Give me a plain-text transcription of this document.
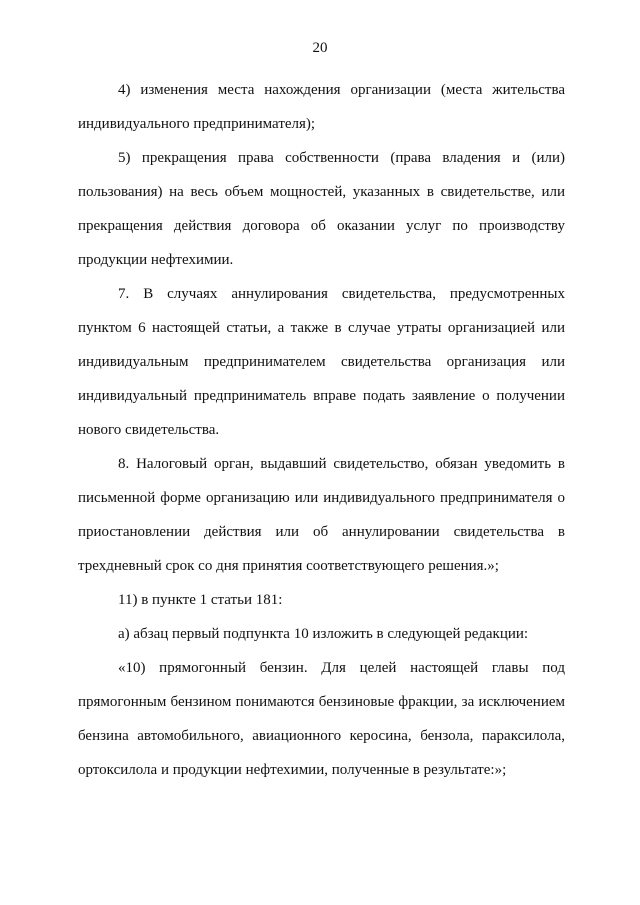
20

4) изменения места нахождения организации (места жительства индивидуального предпринимателя);

5) прекращения права собственности (права владения и (или) пользования) на весь объем мощностей, указанных в свидетельстве, или прекращения действия договора об оказании услуг по производству продукции нефтехимии.

7. В случаях аннулирования свидетельства, предусмотренных пунктом 6 настоящей статьи, а также в случае утраты организацией или индивидуальным предпринимателем свидетельства организация или индивидуальный предприниматель вправе подать заявление о получении нового свидетельства.

8. Налоговый орган, выдавший свидетельство, обязан уведомить в письменной форме организацию или индивидуального предпринимателя о приостановлении действия или об аннулировании свидетельства в трехдневный срок со дня принятия соответствующего решения.»;

11) в пункте 1 статьи 181:

а) абзац первый подпункта 10 изложить в следующей редакции:

«10) прямогонный бензин. Для целей настоящей главы под прямогонным бензином понимаются бензиновые фракции, за исключением бензина автомобильного, авиационного керосина, бензола, параксилола, ортоксилола и продукции нефтехимии, полученные в результате:»;
